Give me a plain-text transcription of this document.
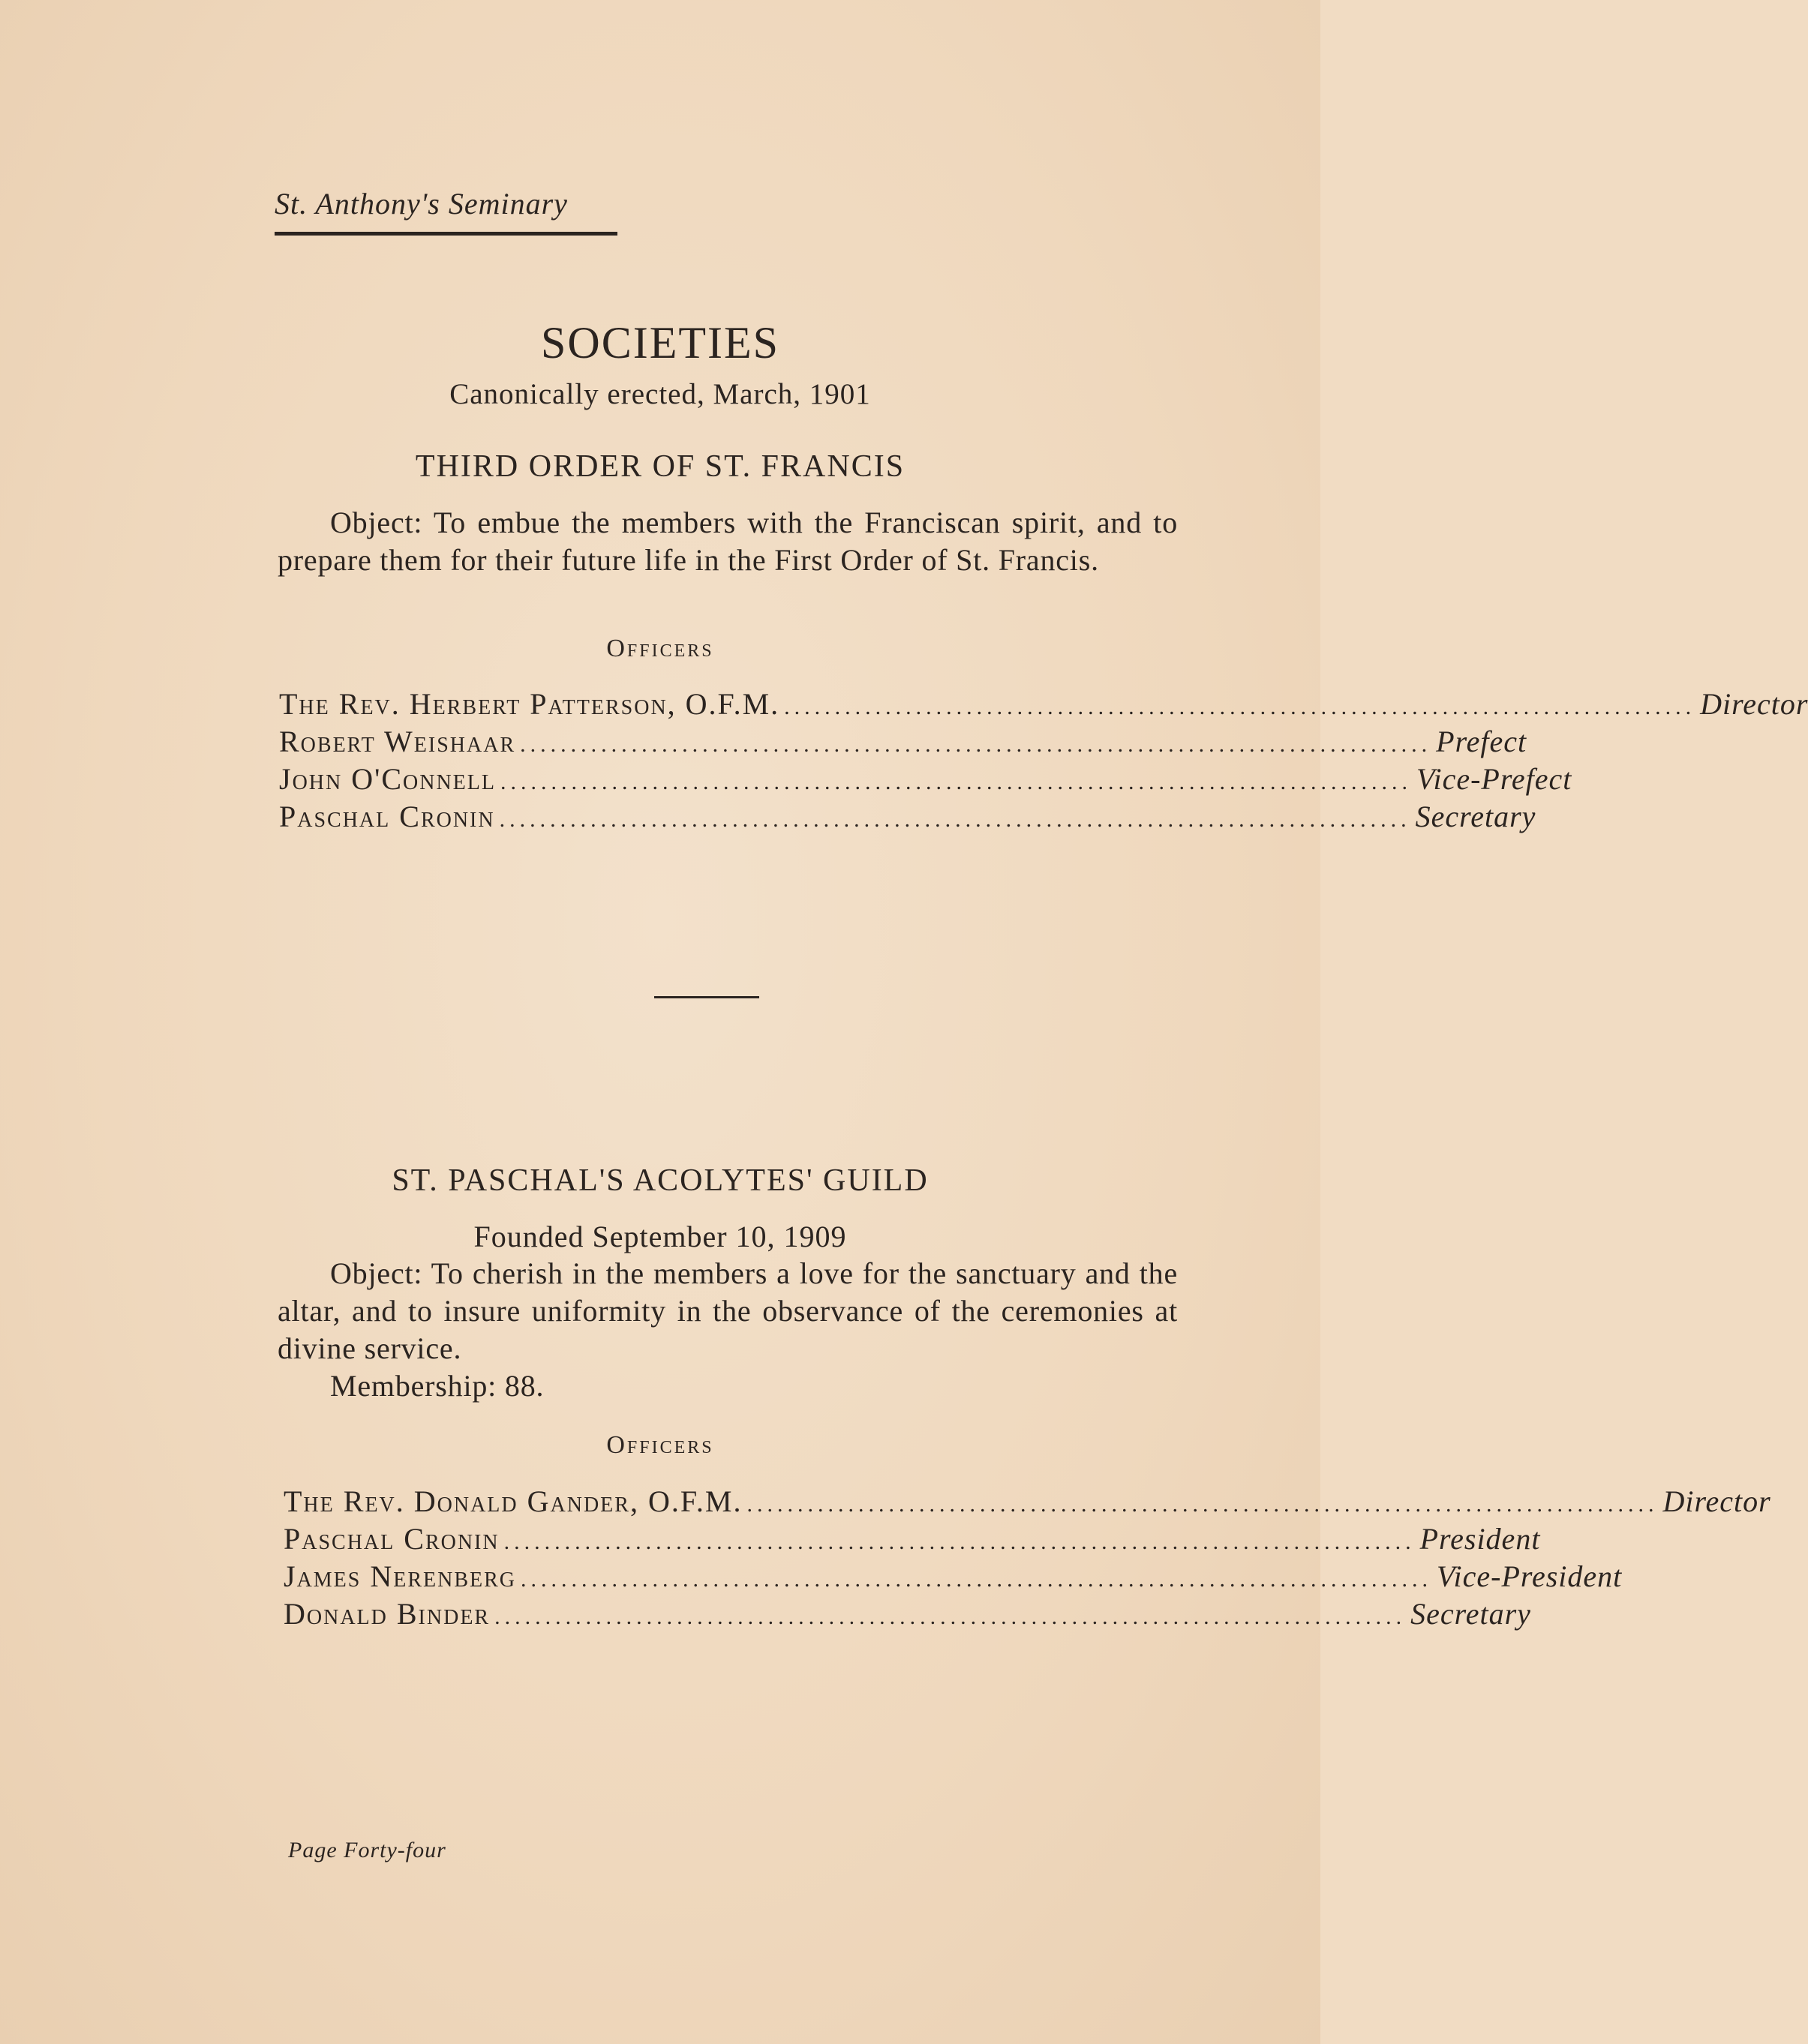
St. Anthony's Seminary
SOCIETIES
Canonically erected, March, 1901
THIRD ORDER OF ST. FRANCIS
Object: To embue the members with the Franciscan spirit, and to prepare them for their future life in the First Order of St. Francis.
Officers
The Rev. Herbert Patterson, O.F.M. .......................................................................................... Director
Robert Weishaar .......................................................................................... Prefect
John O'Connell .......................................................................................... Vice-Prefect
Paschal Cronin .......................................................................................... Secretary
ST. PASCHAL'S ACOLYTES' GUILD
Founded September 10, 1909
Object: To cherish in the members a love for the sanctuary and the altar, and to insure uniformity in the observance of the ceremonies at divine service.
Membership: 88.
Officers
The Rev. Donald Gander, O.F.M. .......................................................................................... Director
Paschal Cronin .......................................................................................... President
James Nerenberg .......................................................................................... Vice-President
Donald Binder .......................................................................................... Secretary
Page Forty-four
